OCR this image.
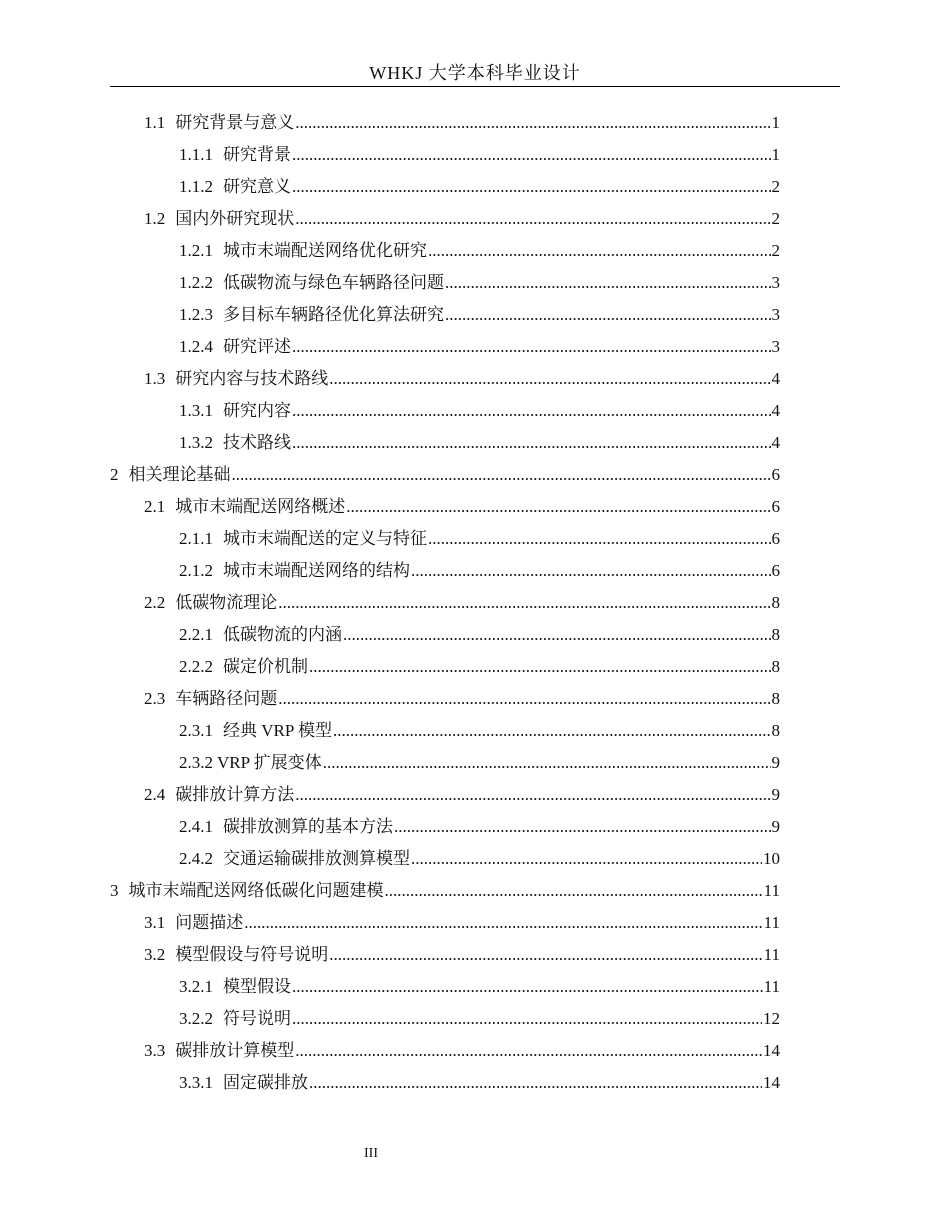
WHKJ 大学本科毕业设计
1.1 研究背景与意义 .....	1
1.1.1 研究背景 .....	1
1.1.2 研究意义 .....	2
1.2 国内外研究现状 .....	2
1.2.1 城市末端配送网络优化研究 .....	2
1.2.2 低碳物流与绿色车辆路径问题 .....	3
1.2.3 多目标车辆路径优化算法研究 .....	3
1.2.4 研究评述 .....	3
1.3 研究内容与技术路线 .....	4
1.3.1 研究内容 .....	4
1.3.2 技术路线 .....	4
2 相关理论基础 .....	6
2.1 城市末端配送网络概述 .....	6
2.1.1 城市末端配送的定义与特征 .....	6
2.1.2 城市末端配送网络的结构 .....	6
2.2 低碳物流理论 .....	8
2.2.1 低碳物流的内涵 .....	8
2.2.2 碳定价机制 .....	8
2.3 车辆路径问题 .....	8
2.3.1 经典 VRP 模型 .....	8
2.3.2 VRP 扩展变体 .....	9
2.4 碳排放计算方法 .....	9
2.4.1 碳排放测算的基本方法 .....	9
2.4.2 交通运输碳排放测算模型 .....	10
3 城市末端配送网络低碳化问题建模 .....	11
3.1 问题描述 .....	11
3.2 模型假设与符号说明 .....	11
3.2.1 模型假设 .....	11
3.2.2 符号说明 .....	12
3.3 碳排放计算模型 .....	14
3.3.1 固定碳排放 .....	14
III
